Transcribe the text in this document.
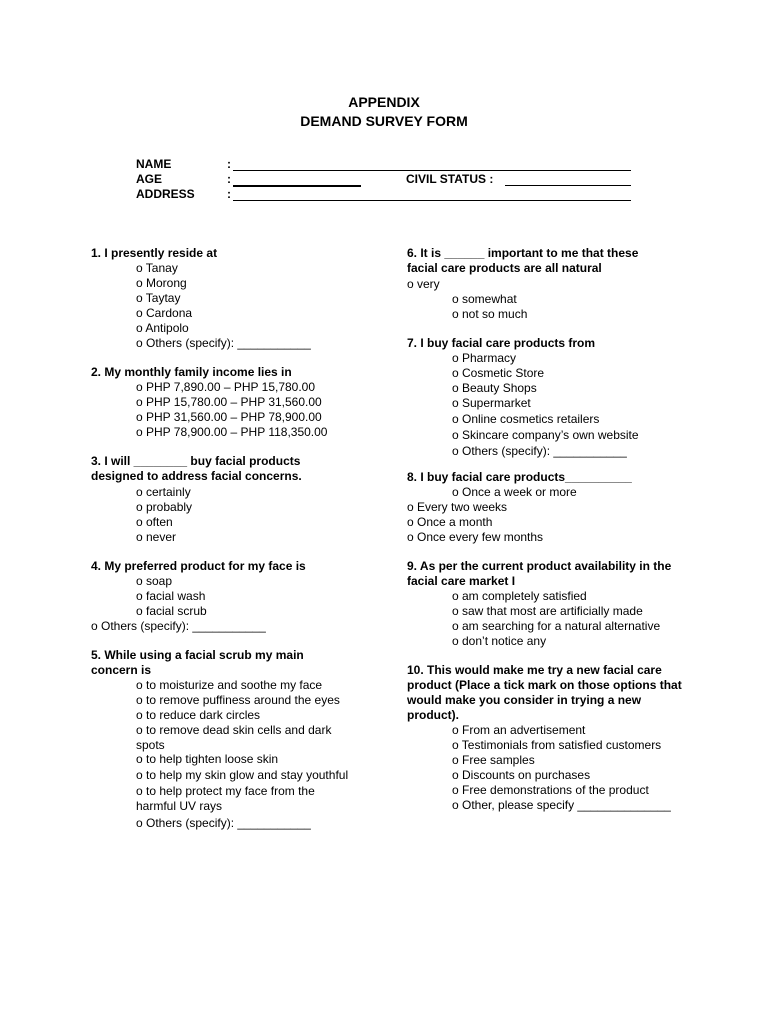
APPENDIX
DEMAND SURVEY FORM
NAME	:
AGE	:	CIVIL STATUS :
ADDRESS	:
1. I presently reside at
o Tanay
o Morong
o Taytay
o Cardona
o Antipolo
o Others (specify): ___________
2. My monthly family income lies in
o PHP 7,890.00 – PHP 15,780.00
o PHP 15,780.00 – PHP 31,560.00
o PHP 31,560.00 – PHP 78,900.00
o PHP 78,900.00 – PHP 118,350.00
3. I will ________ buy facial products designed to address facial concerns.
o certainly
o probably
o often
o never
4. My preferred product for my face is
o soap
o facial wash
o facial scrub
o Others (specify): ___________
5. While using a facial scrub my main concern is
o to moisturize and soothe my face
o to remove puffiness around the eyes
o to reduce dark circles
o to remove dead skin cells and dark spots
o to help tighten loose skin
o to help my skin glow and stay youthful
o to help protect my face from the harmful UV rays
o Others (specify): ___________
6. It is ______ important to me that these facial care products are all natural
o very
o somewhat
o not so much
7. I buy facial care products from
o Pharmacy
o Cosmetic Store
o Beauty Shops
o Supermarket
o Online cosmetics retailers
o Skincare company’s own website
o Others (specify): ___________
8. I buy facial care products__________
o Once a week or more
o Every two weeks
o Once a month
o Once every few months
9. As per the current product availability in the facial care market I
o am completely satisfied
o saw that most are artificially made
o am searching for a natural alternative
o don’t notice any
10. This would make me try a new facial care product (Place a tick mark on those options that would make you consider in trying a new product).
o From an advertisement
o Testimonials from satisfied customers
o Free samples
o Discounts on purchases
o Free demonstrations of the product
o Other, please specify ______________
